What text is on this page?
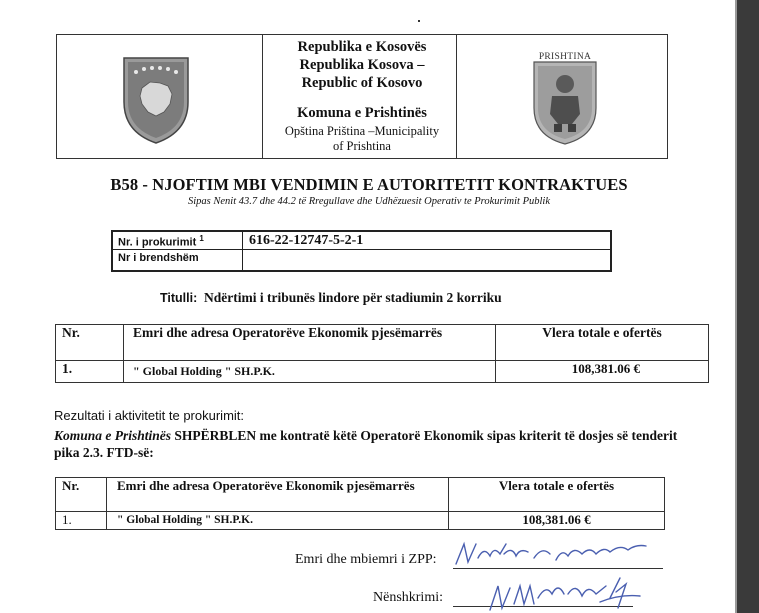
Republika e Kosovës
Republika Kosova –
Republic of Kosovo
Komuna e Prishtinës
Opština Priština –Municipality
of Prishtina
PRISHTINA
B58 - NJOFTIM MBI VENDIMIN E AUTORITETIT KONTRAKTUES
Sipas Nenit 43.7 dhe 44.2 të Rregullave dhe Udhëzuesit Operativ te Prokurimit Publik
Nr. i prokurimit $^1$	616-22-12747-5-2-1
Nr i brendshëm
Titulli: Ndërtimi i tribunës lindore për stadiumin 2 korriku
Nr.	Emri dhe adresa Operatorëve Ekonomik pjesëmarrës	Vlera totale e ofertës
1.	" Global Holding " SH.P.K.	108,381.06 €
Rezultati i aktivitetit te prokurimit:
Komuna e Prishtinës SHPËRBLEN me kontratë këtë Operatorë Ekonomik sipas kriterit të dosjes së tenderit pika 2.3. FTD-së:
Nr.	Emri dhe adresa Operatorëve Ekonomik pjesëmarrës	Vlera totale e ofertës
1.	" Global Holding " SH.P.K.	108,381.06 €
Emri dhe mbiemri i ZPP:
Nënshkrimi:
